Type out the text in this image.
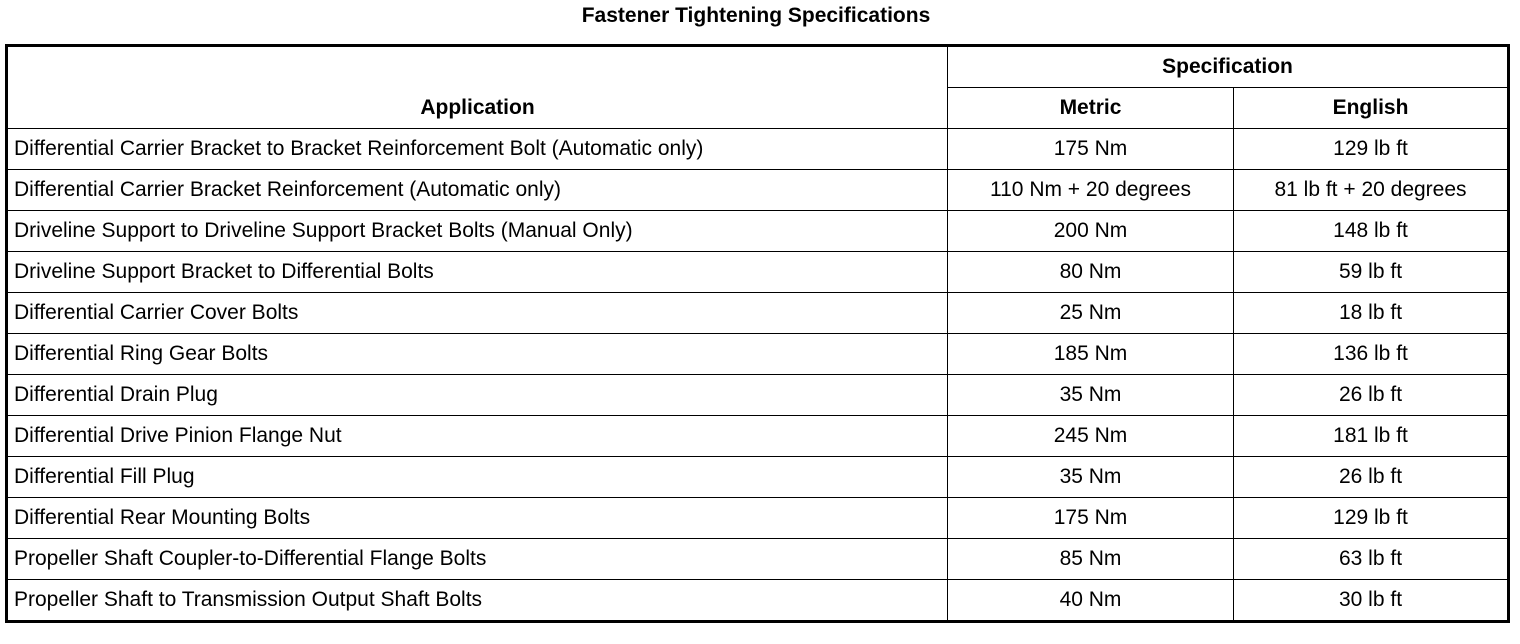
Fastener Tightening Specifications
Application	Specification	
	Metric	English
Differential Carrier Bracket to Bracket Reinforcement Bolt (Automatic only)	175 Nm	129 lb ft
Differential Carrier Bracket Reinforcement (Automatic only)	110 Nm + 20 degrees	81 lb ft + 20 degrees
Driveline Support to Driveline Support Bracket Bolts (Manual Only)	200 Nm	148 lb ft
Driveline Support Bracket to Differential Bolts	80 Nm	59 lb ft
Differential Carrier Cover Bolts	25 Nm	18 lb ft
Differential Ring Gear Bolts	185 Nm	136 lb ft
Differential Drain Plug	35 Nm	26 lb ft
Differential Drive Pinion Flange Nut	245 Nm	181 lb ft
Differential Fill Plug	35 Nm	26 lb ft
Differential Rear Mounting Bolts	175 Nm	129 lb ft
Propeller Shaft Coupler-to-Differential Flange Bolts	85 Nm	63 lb ft
Propeller Shaft to Transmission Output Shaft Bolts	40 Nm	30 lb ft
